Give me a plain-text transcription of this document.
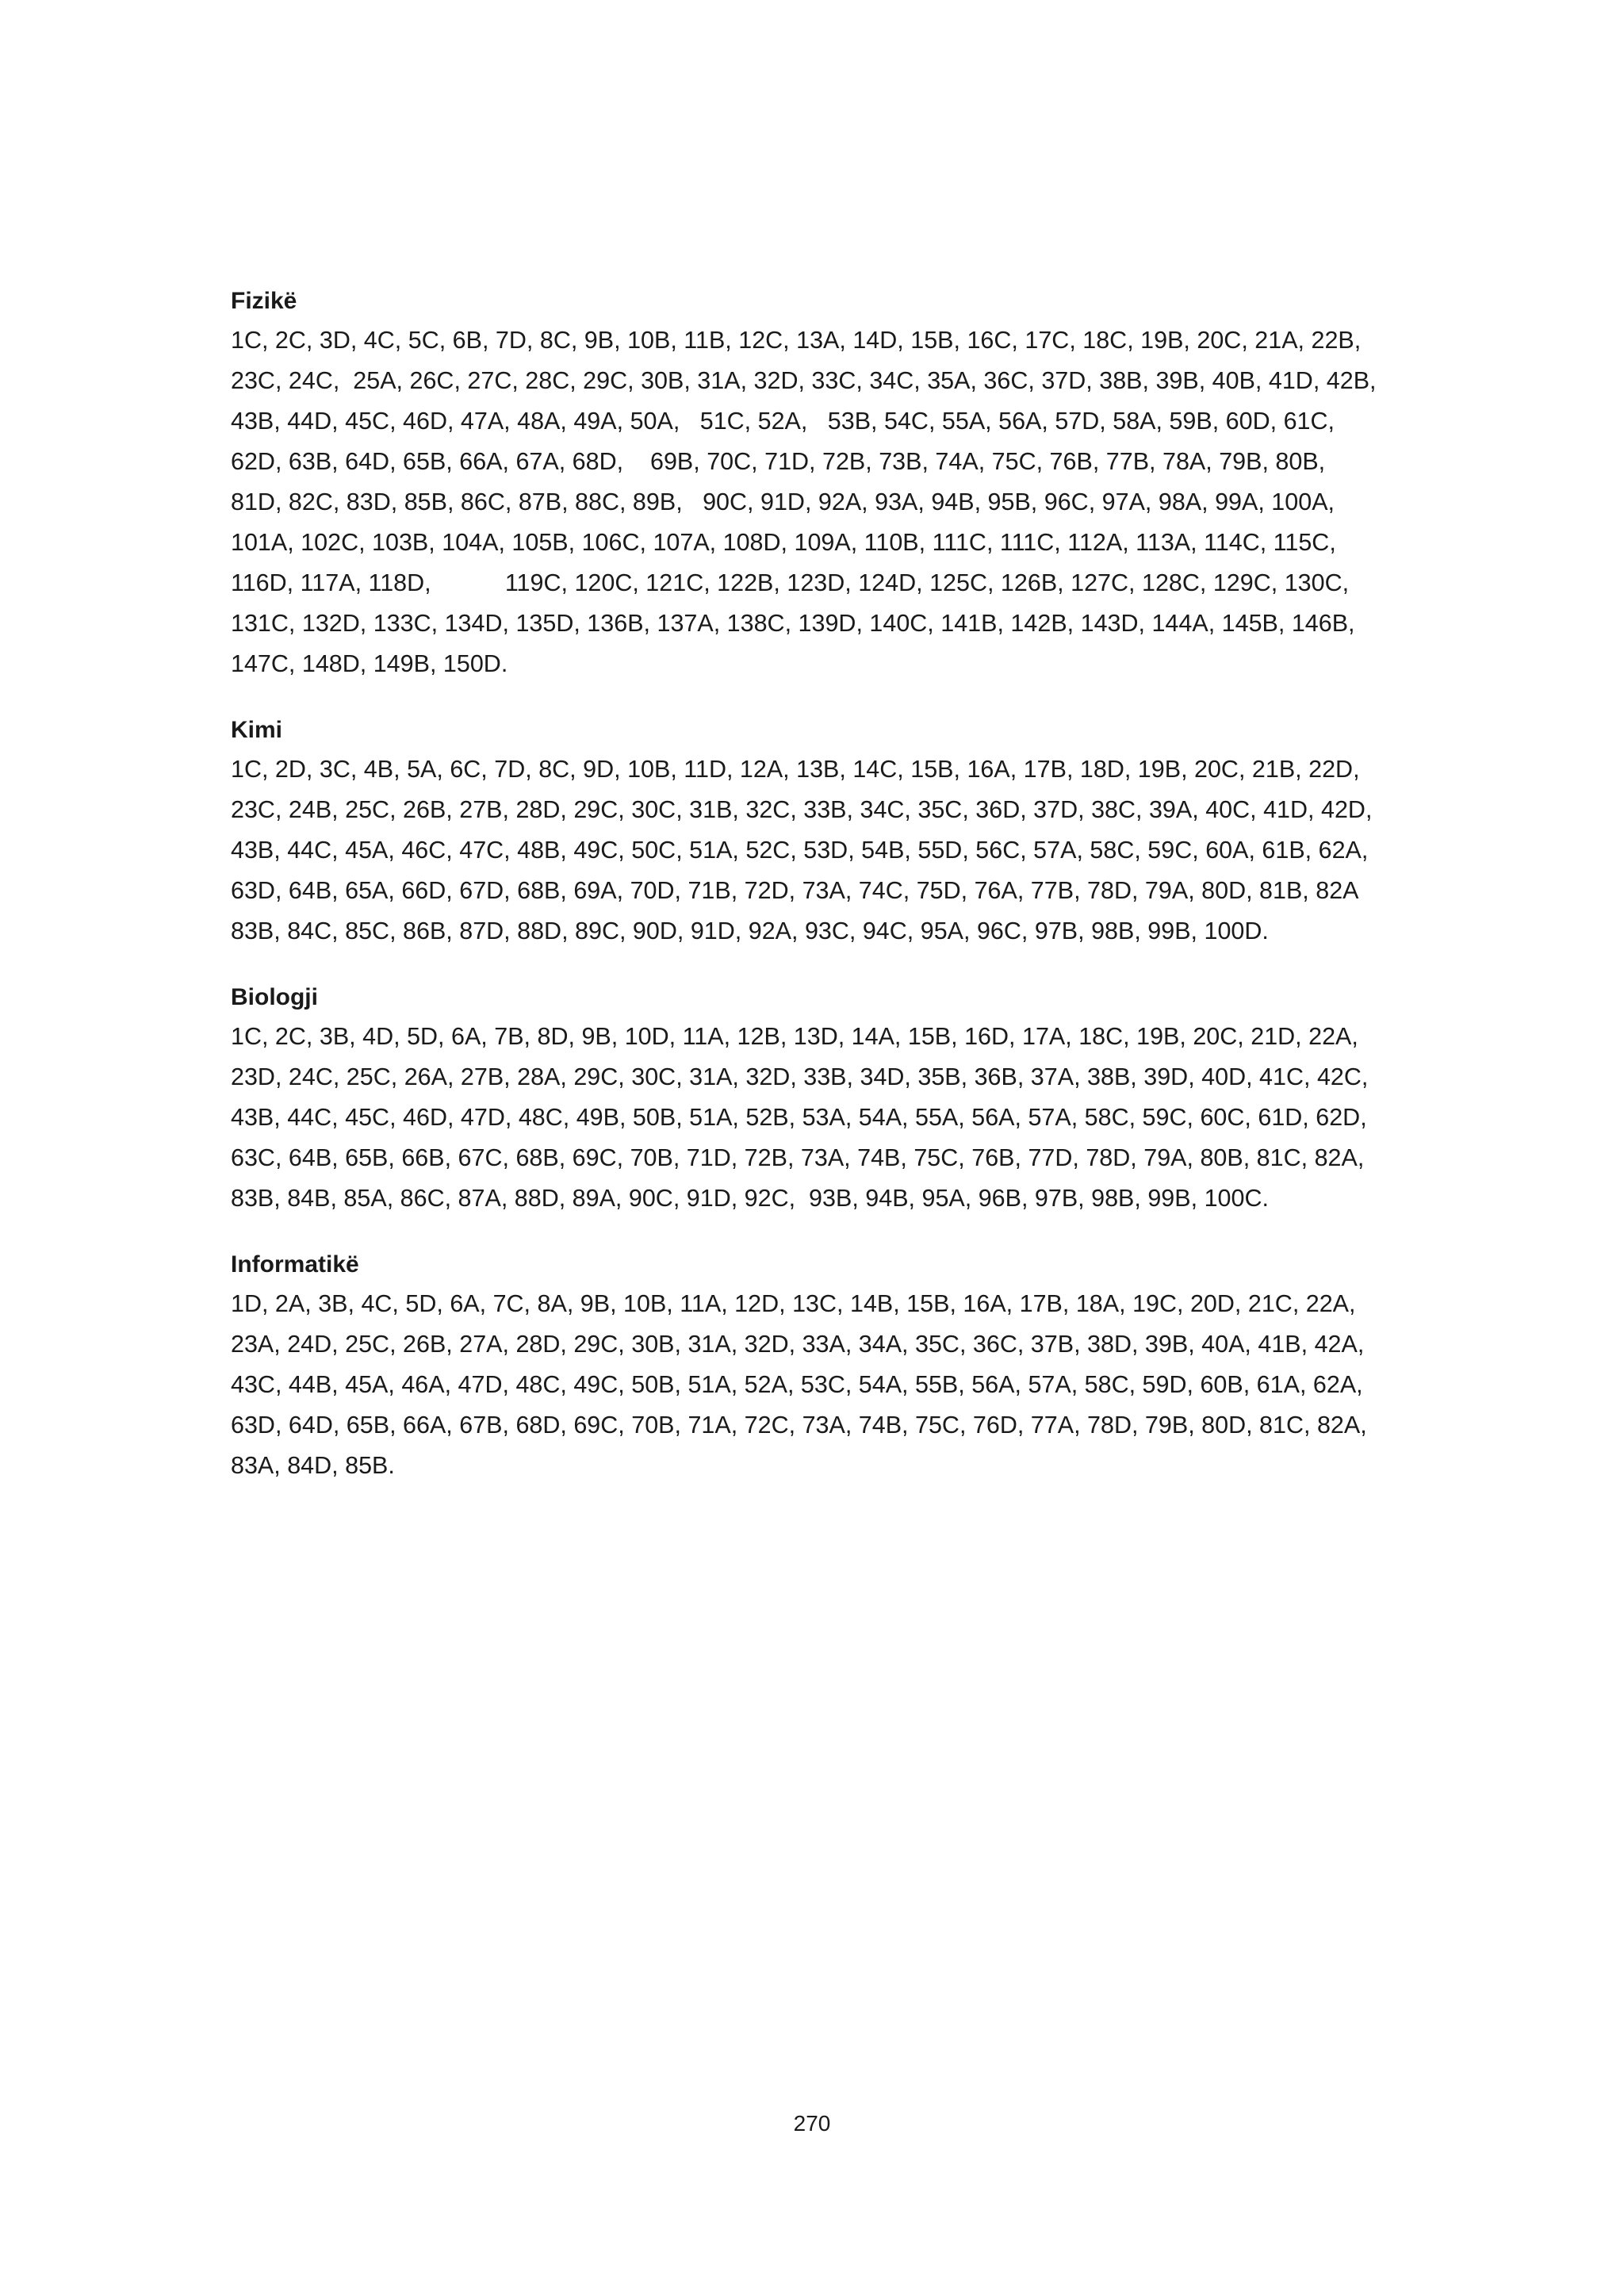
Fizikë
1C, 2C, 3D, 4C, 5C, 6B, 7D, 8C, 9B, 10B, 11B, 12C, 13A, 14D, 15B, 16C, 17C, 18C, 19B, 20C, 21A, 22B,
23C, 24C,  25A, 26C, 27C, 28C, 29C, 30B, 31A, 32D, 33C, 34C, 35A, 36C, 37D, 38B, 39B, 40B, 41D, 42B,
43B, 44D, 45C, 46D, 47A, 48A, 49A, 50A,   51C, 52A,   53B, 54C, 55A, 56A, 57D, 58A, 59B, 60D, 61C,
62D, 63B, 64D, 65B, 66A, 67A, 68D,    69B, 70C, 71D, 72B, 73B, 74A, 75C, 76B, 77B, 78A, 79B, 80B,
81D, 82C, 83D, 85B, 86C, 87B, 88C, 89B,   90C, 91D, 92A, 93A, 94B, 95B, 96C, 97A, 98A, 99A, 100A,
101A, 102C, 103B, 104A, 105B, 106C, 107A, 108D, 109A, 110B, 111C, 111C, 112A, 113A, 114C, 115C,
116D, 117A, 118D,           119C, 120C, 121C, 122B, 123D, 124D, 125C, 126B, 127C, 128C, 129C, 130C,
131C, 132D, 133C, 134D, 135D, 136B, 137A, 138C, 139D, 140C, 141B, 142B, 143D, 144A, 145B, 146B,
147C, 148D, 149B, 150D.
Kimi
1C, 2D, 3C, 4B, 5A, 6C, 7D, 8C, 9D, 10B, 11D, 12A, 13B, 14C, 15B, 16A, 17B, 18D, 19B, 20C, 21B, 22D,
23C, 24B, 25C, 26B, 27B, 28D, 29C, 30C, 31B, 32C, 33B, 34C, 35C, 36D, 37D, 38C, 39A, 40C, 41D, 42D,
43B, 44C, 45A, 46C, 47C, 48B, 49C, 50C, 51A, 52C, 53D, 54B, 55D, 56C, 57A, 58C, 59C, 60A, 61B, 62A,
63D, 64B, 65A, 66D, 67D, 68B, 69A, 70D, 71B, 72D, 73A, 74C, 75D, 76A, 77B, 78D, 79A, 80D, 81B, 82A
83B, 84C, 85C, 86B, 87D, 88D, 89C, 90D, 91D, 92A, 93C, 94C, 95A, 96C, 97B, 98B, 99B, 100D.
Biologji
1C, 2C, 3B, 4D, 5D, 6A, 7B, 8D, 9B, 10D, 11A, 12B, 13D, 14A, 15B, 16D, 17A, 18C, 19B, 20C, 21D, 22A,
23D, 24C, 25C, 26A, 27B, 28A, 29C, 30C, 31A, 32D, 33B, 34D, 35B, 36B, 37A, 38B, 39D, 40D, 41C, 42C,
43B, 44C, 45C, 46D, 47D, 48C, 49B, 50B, 51A, 52B, 53A, 54A, 55A, 56A, 57A, 58C, 59C, 60C, 61D, 62D,
63C, 64B, 65B, 66B, 67C, 68B, 69C, 70B, 71D, 72B, 73A, 74B, 75C, 76B, 77D, 78D, 79A, 80B, 81C, 82A,
83B, 84B, 85A, 86C, 87A, 88D, 89A, 90C, 91D, 92C,  93B, 94B, 95A, 96B, 97B, 98B, 99B, 100C.
Informatikë
1D, 2A, 3B, 4C, 5D, 6A, 7C, 8A, 9B, 10B, 11A, 12D, 13C, 14B, 15B, 16A, 17B, 18A, 19C, 20D, 21C, 22A,
23A, 24D, 25C, 26B, 27A, 28D, 29C, 30B, 31A, 32D, 33A, 34A, 35C, 36C, 37B, 38D, 39B, 40A, 41B, 42A,
43C, 44B, 45A, 46A, 47D, 48C, 49C, 50B, 51A, 52A, 53C, 54A, 55B, 56A, 57A, 58C, 59D, 60B, 61A, 62A,
63D, 64D, 65B, 66A, 67B, 68D, 69C, 70B, 71A, 72C, 73A, 74B, 75C, 76D, 77A, 78D, 79B, 80D, 81C, 82A,
83A, 84D, 85B.
270
